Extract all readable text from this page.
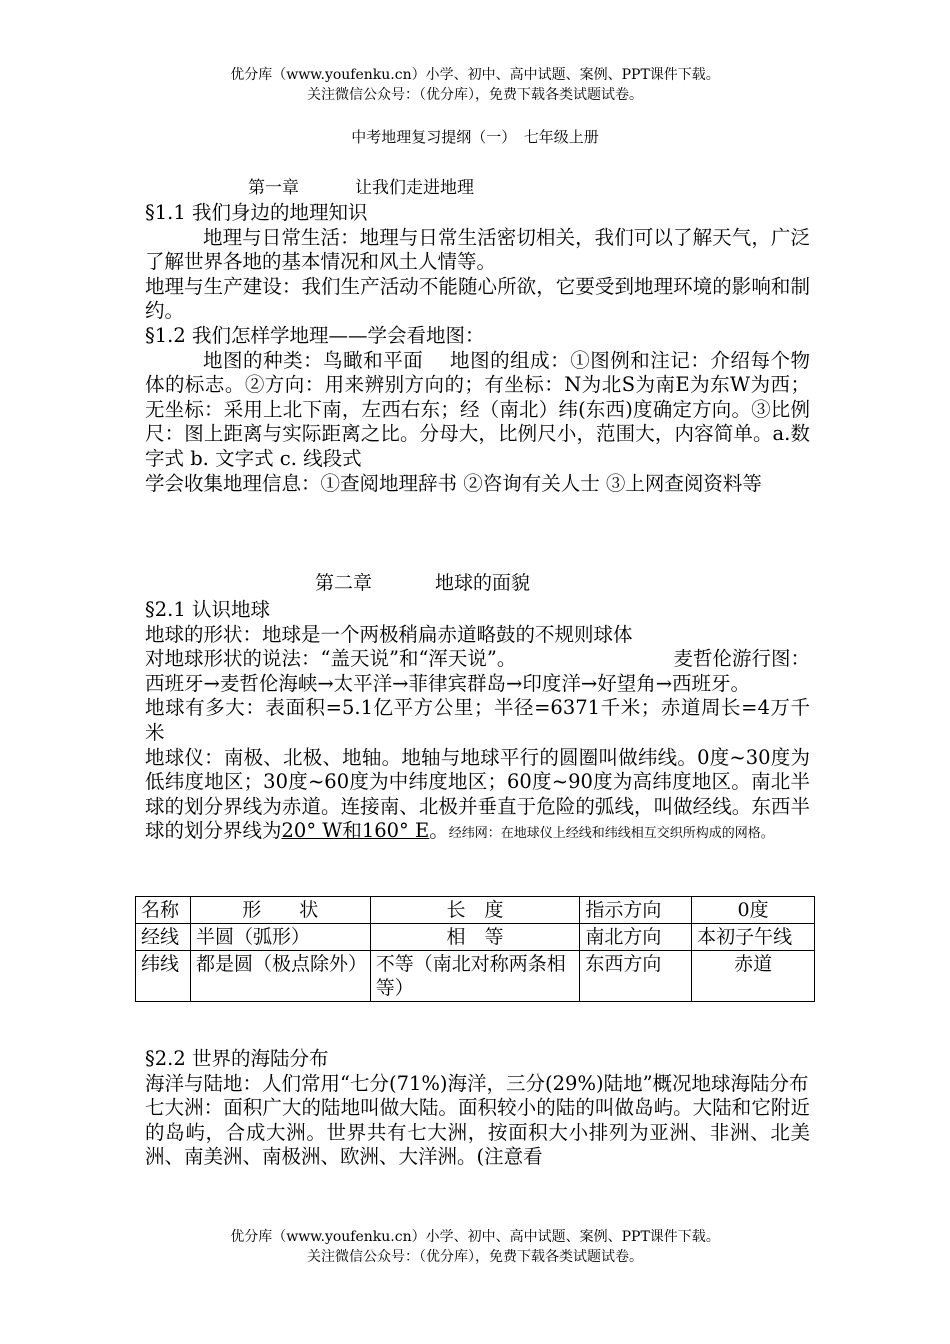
优分库（www.youfenku.cn）小学、初中、高中试题、案例、PPT课件下载。
关注微信公众号：（优分库），免费下载各类试题试卷。
中考地理复习提纲（一）　七年级上册
第一章	让我们走进地理

§1.1 我们身边的地理知识

地理与日常生活：地理与日常生活密切相关，我们可以了解天气，广泛了解世界各地的基本情况和风土人情等。

地理与生产建设：我们生产活动不能随心所欲，它要受到地理环境的影响和制约。

§1.2 我们怎样学地理——学会看地图：

地图的种类：鸟瞰和平面　 地图的组成：①图例和注记：介绍每个物体的标志。②方向：用来辨别方向的；有坐标：N为北S为南E为东W为西；无坐标：采用上北下南，左西右东；经（南北）纬(东西)度确定方向。③比例尺：图上距离与实际距离之比。分母大，比例尺小，范围大，内容简单。a.数字式 b. 文字式 c. 线段式

学会收集地理信息：①查阅地理辞书 ②咨询有关人士 ③上网查阅资料等

第二章	地球的面貌

§2.1 认识地球

地球的形状：地球是一个两极稍扁赤道略鼓的不规则球体

对地球形状的说法：“盖天说”和“浑天说”。	麦哲伦游行图：

西班牙→麦哲伦海峡→太平洋→菲律宾群岛→印度洋→好望角→西班牙。

地球有多大：表面积=5.1亿平方公里；半径=6371千米；赤道周长=4万千米

地球仪：南极、北极、地轴。地轴与地球平行的圆圈叫做纬线。0度~30度为低纬度地区；30度~60度为中纬度地区；60度~90度为高纬度地区。南北半球的划分界线为赤道。连接南、北极并垂直于危险的弧线，叫做经线。东西半球的划分界线为20° W和160° E。经纬网：在地球仪上经线和纬线相互交织所构成的网格。

名称	形　　状	长　度	指示方向	0度
经线	半圆（弧形）	相　等	南北方向	本初子午线
纬线	都是圆（极点除外）	不等（南北对称两条相等）	东西方向	赤道

§2.2 世界的海陆分布

海洋与陆地：人们常用“七分(71%)海洋，三分(29%)陆地”概况地球海陆分布

七大洲：面积广大的陆地叫做大陆。面积较小的陆的叫做岛屿。大陆和它附近的岛屿，合成大洲。世界共有七大洲，按面积大小排列为亚洲、非洲、北美洲、南美洲、南极洲、欧洲、大洋洲。(注意看

优分库（www.youfenku.cn）小学、初中、高中试题、案例、PPT课件下载。
关注微信公众号：（优分库），免费下载各类试题试卷。
